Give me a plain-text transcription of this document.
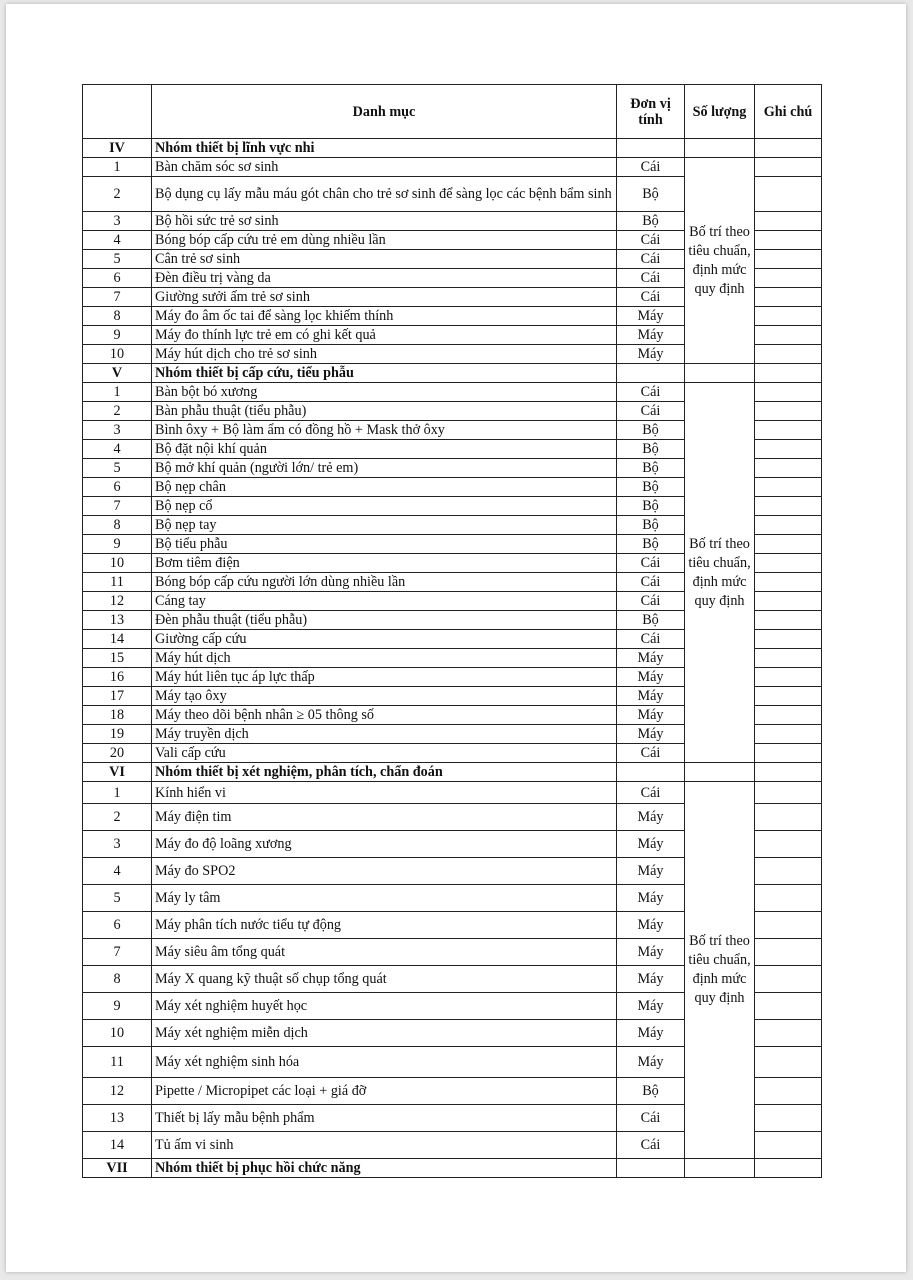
	Danh mục	Đơn vị tính	Số lượng	Ghi chú
IV	Nhóm thiết bị lĩnh vực nhi			
1	Bàn chăm sóc sơ sinh	Cái	Bố trí theo tiêu chuẩn, định mức quy định	
2	Bộ dụng cụ lấy mẫu máu gót chân cho trẻ sơ sinh để sàng lọc các bệnh bẩm sinh	Bộ		
3	Bộ hồi sức trẻ sơ sinh	Bộ		
4	Bóng bóp cấp cứu trẻ em dùng nhiều lần	Cái		
5	Cân trẻ sơ sinh	Cái		
6	Đèn điều trị vàng da	Cái		
7	Giường sưởi ấm trẻ sơ sinh	Cái		
8	Máy đo âm ốc tai để sàng lọc khiếm thính	Máy		
9	Máy đo thính lực trẻ em có ghi kết quả	Máy		
10	Máy hút dịch cho trẻ sơ sinh	Máy		
V	Nhóm thiết bị cấp cứu, tiểu phẫu			
1	Bàn bột bó xương	Cái	Bố trí theo tiêu chuẩn, định mức quy định	
2	Bàn phẫu thuật (tiểu phẫu)	Cái		
3	Bình ôxy + Bộ làm ẩm có đồng hồ + Mask thở ôxy	Bộ		
4	Bộ đặt nội khí quản	Bộ		
5	Bộ mở khí quản (người lớn/ trẻ em)	Bộ		
6	Bộ nẹp chân	Bộ		
7	Bộ nẹp cổ	Bộ		
8	Bộ nẹp tay	Bộ		
9	Bộ tiểu phẫu	Bộ		
10	Bơm tiêm điện	Cái		
11	Bóng bóp cấp cứu người lớn dùng nhiều lần	Cái		
12	Cáng tay	Cái		
13	Đèn phẫu thuật (tiểu phẫu)	Bộ		
14	Giường cấp cứu	Cái		
15	Máy hút dịch	Máy		
16	Máy hút liên tục áp lực thấp	Máy		
17	Máy tạo ôxy	Máy		
18	Máy theo dõi bệnh nhân ≥ 05 thông số	Máy		
19	Máy truyền dịch	Máy		
20	Vali cấp cứu	Cái		
VI	Nhóm thiết bị xét nghiệm, phân tích, chẩn đoán			
1	Kính hiển vi	Cái	Bố trí theo tiêu chuẩn, định mức quy định	
2	Máy điện tim	Máy		
3	Máy đo độ loãng xương	Máy		
4	Máy đo SPO2	Máy		
5	Máy ly tâm	Máy		
6	Máy phân tích nước tiểu tự động	Máy		
7	Máy siêu âm tổng quát	Máy		
8	Máy X quang kỹ thuật số chụp tổng quát	Máy		
9	Máy xét nghiệm huyết học	Máy		
10	Máy xét nghiệm miễn dịch	Máy		
11	Máy xét nghiệm sinh hóa	Máy		
12	Pipette / Micropipet các loại + giá đỡ	Bộ		
13	Thiết bị lấy mẫu bệnh phẩm	Cái		
14	Tủ ấm vi sinh	Cái		
VII	Nhóm thiết bị phục hồi chức năng			
